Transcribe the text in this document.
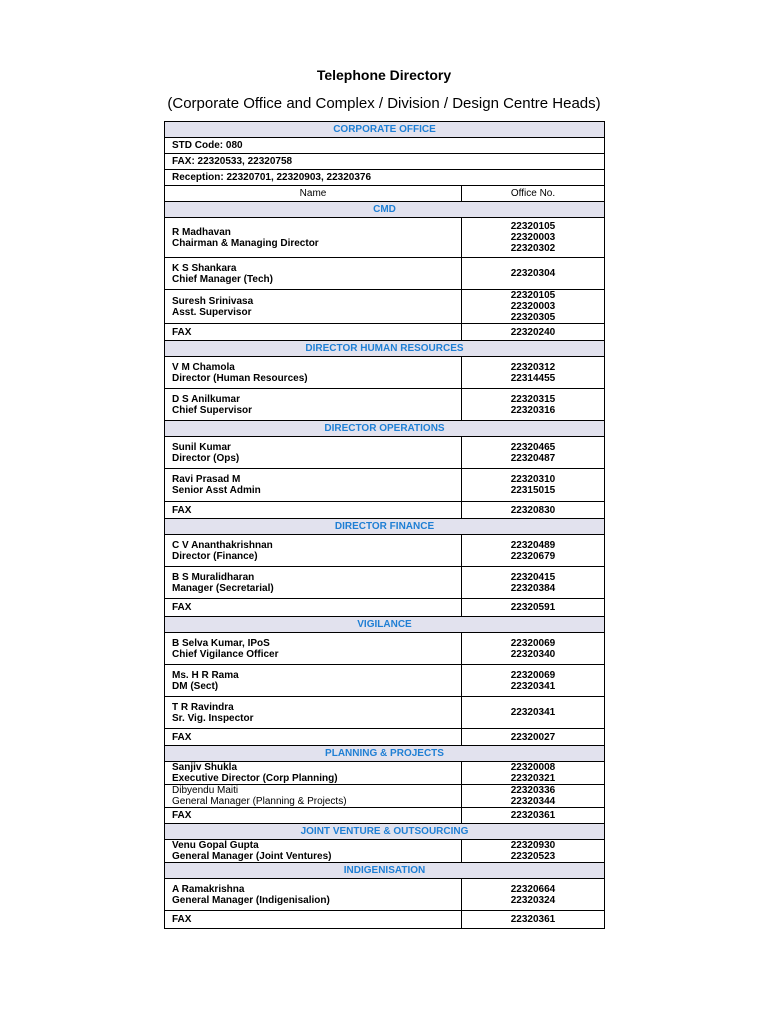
Telephone Directory
(Corporate Office and Complex / Division / Design Centre Heads)
CORPORATE OFFICE	
STD Code: 080	
FAX: 22320533, 22320758	
Reception: 22320701, 22320903, 22320376	
Name	Office No.
CMD	

R Madhavan
Chairman & Managing Director	22320105
22320003
22320302

K S Shankara
Chief Manager (Tech)	22320304

Suresh Srinivasa
Asst. Supervisor	22320105
22320003
22320305

FAX	22320240

DIRECTOR HUMAN RESOURCES	

V M Chamola
Director (Human Resources)	22320312
22314455

D S Anilkumar
Chief Supervisor	22320315
22320316

DIRECTOR OPERATIONS	

Sunil Kumar
Director (Ops)	22320465
22320487

Ravi Prasad M
Senior Asst Admin	22320310
22315015

FAX	22320830

DIRECTOR FINANCE	

C V Ananthakrishnan
Director (Finance)	22320489
22320679

B S Muralidharan
Manager (Secretarial)	22320415
22320384

FAX	22320591

VIGILANCE	

B Selva Kumar, IPoS
Chief Vigilance Officer	22320069
22320340

Ms. H R Rama
DM (Sect)	22320069
22320341

T R Ravindra
Sr. Vig. Inspector	22320341

FAX	22320027

PLANNING & PROJECTS	

Sanjiv Shukla
Executive Director (Corp Planning)	22320008
22320321

Dibyendu Maiti
General Manager (Planning & Projects)	22320336
22320344

FAX	22320361

JOINT VENTURE & OUTSOURCING	

Venu Gopal Gupta
General Manager (Joint Ventures)	22320930
22320523

INDIGENISATION	

A Ramakrishna
General Manager (Indigenisalion)	22320664
22320324

FAX	22320361
